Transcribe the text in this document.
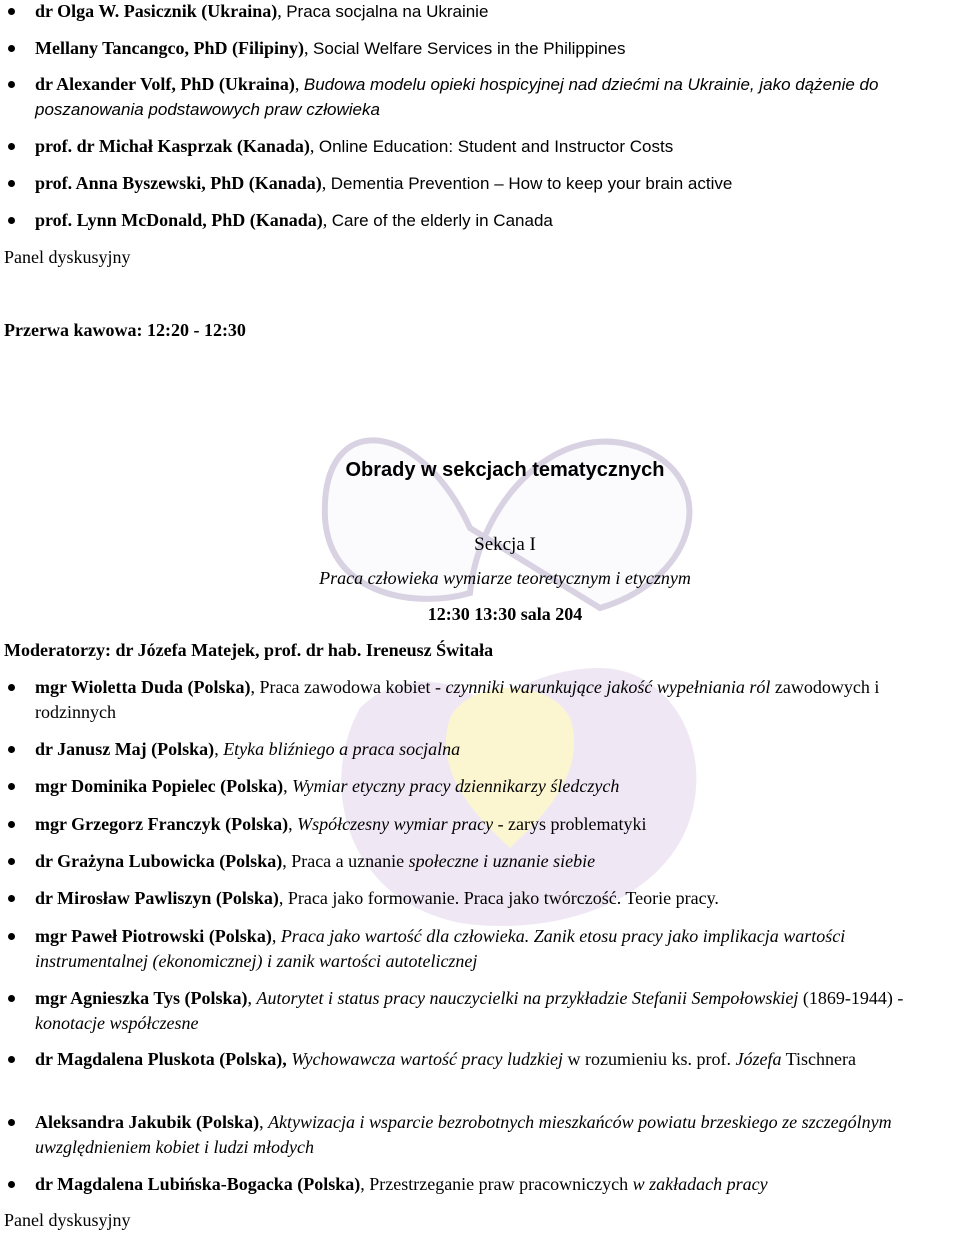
dr Olga W. Pasicznik (Ukraina), Praca socjalna na Ukrainie
Mellany Tancangco, PhD (Filipiny), Social Welfare Services in the Philippines
dr Alexander Volf, PhD (Ukraina), Budowa modelu opieki hospicyjnej nad dziećmi na Ukrainie, jako dążenie do poszanowania podstawowych praw człowieka
prof. dr Michał Kasprzak (Kanada), Online Education: Student and Instructor Costs
prof. Anna Byszewski, PhD (Kanada), Dementia Prevention – How to keep your brain active
prof. Lynn McDonald, PhD (Kanada), Care of the elderly in Canada
Panel dyskusyjny
Przerwa kawowa: 12:20 - 12:30
Obrady w sekcjach tematycznych
Sekcja I
Praca człowieka wymiarze teoretycznym i etycznym
12:30 13:30 sala 204
Moderatorzy: dr Józefa Matejek, prof. dr hab. Ireneusz Świtała
mgr Wioletta Duda (Polska), Praca zawodowa kobiet - czynniki warunkujące jakość wypełniania ról zawodowych i rodzinnych
dr Janusz Maj (Polska), Etyka bliźniego a praca socjalna
mgr Dominika Popielec (Polska), Wymiar etyczny pracy dziennikarzy śledczych
mgr Grzegorz Franczyk (Polska), Współczesny wymiar pracy - zarys problematyki
dr Grażyna Lubowicka (Polska), Praca a uznanie społeczne i uznanie siebie
dr Mirosław Pawliszyn (Polska), Praca jako formowanie. Praca jako twórczość. Teorie pracy.
mgr Paweł Piotrowski (Polska), Praca jako wartość dla człowieka. Zanik etosu pracy jako implikacja wartości instrumentalnej (ekonomicznej) i zanik wartości autotelicznej
mgr Agnieszka Tys (Polska), Autorytet i status pracy nauczycielki na przykładzie Stefanii Sempołowskiej (1869-1944) - konotacje współczesne
dr Magdalena Pluskota (Polska), Wychowawcza wartość pracy ludzkiej w rozumieniu ks. prof. Józefa Tischnera
Aleksandra Jakubik (Polska), Aktywizacja i wsparcie bezrobotnych mieszkańców powiatu brzeskiego ze szczególnym uwzględnieniem kobiet i ludzi młodych
dr Magdalena Lubińska-Bogacka (Polska), Przestrzeganie praw pracowniczych w zakładach pracy
Panel dyskusyjny
